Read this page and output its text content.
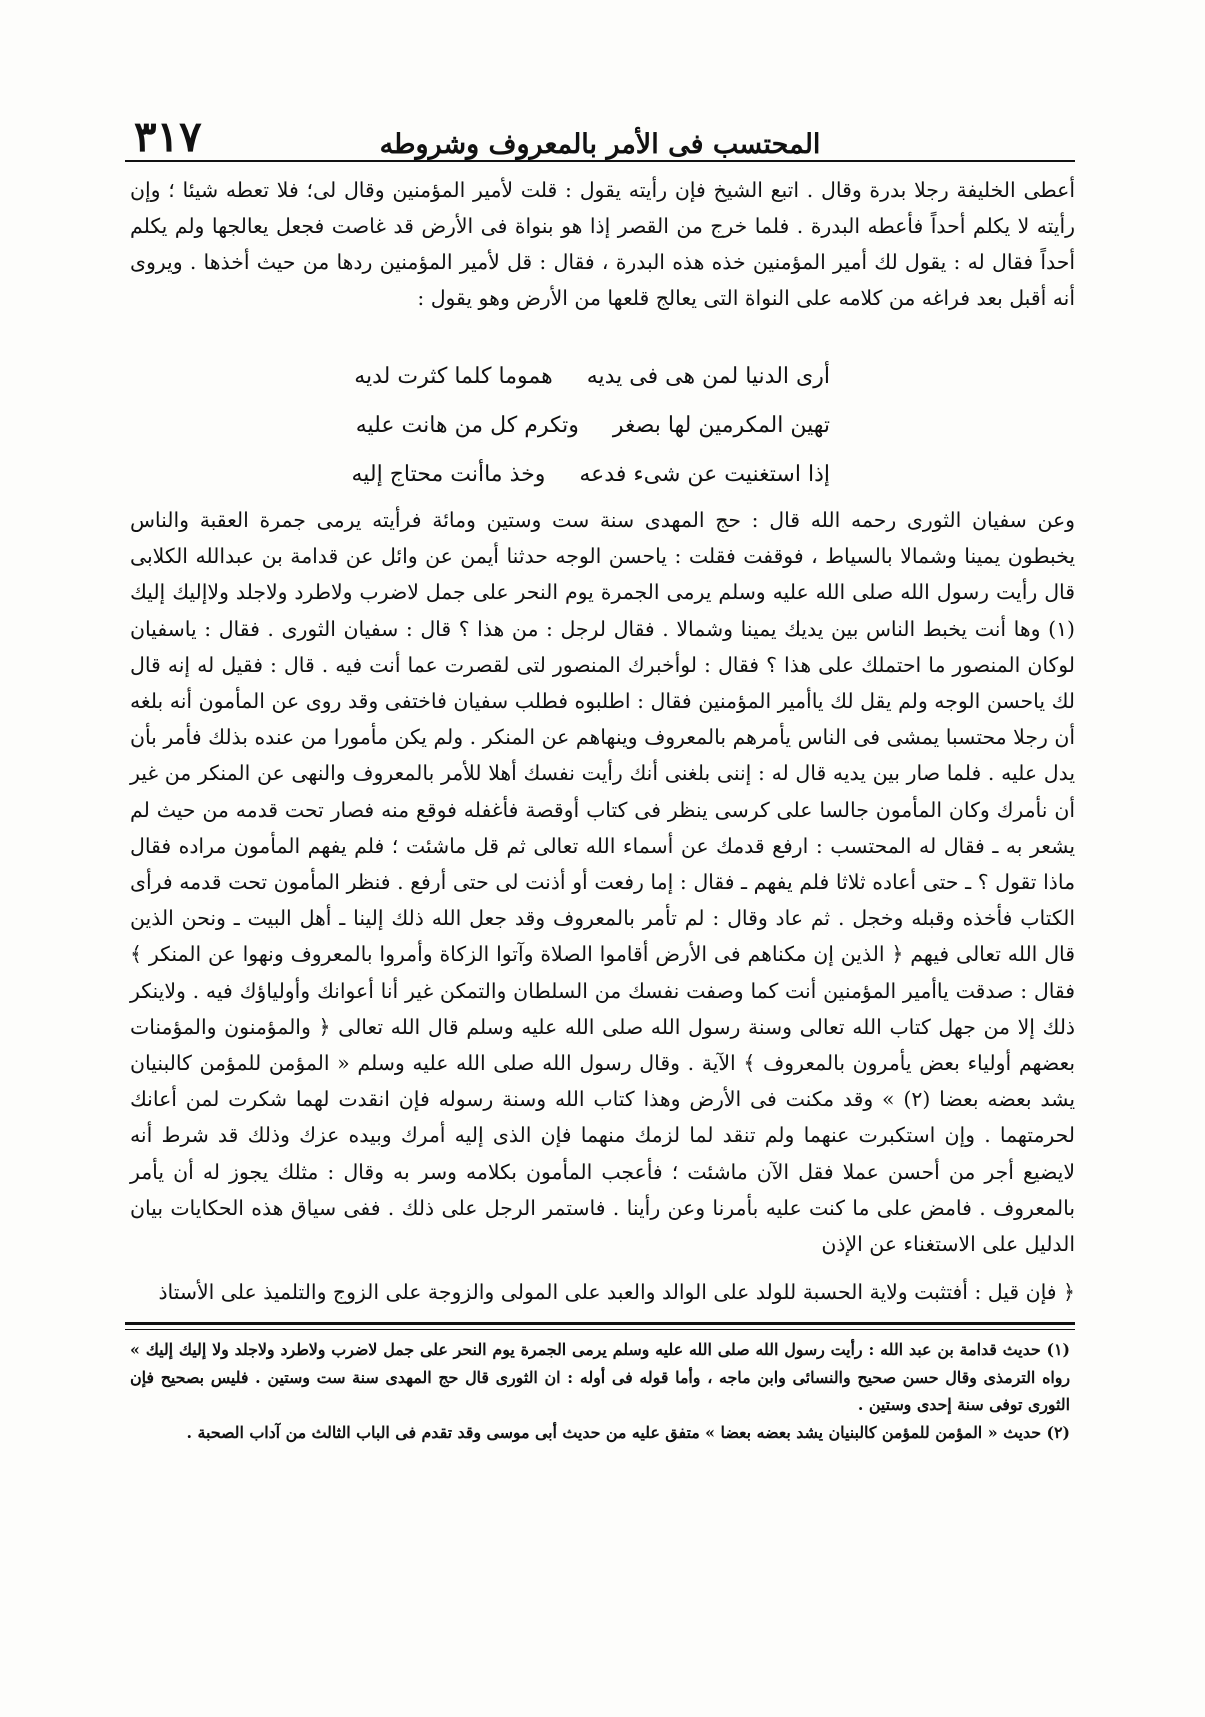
المحتسب فى الأمر بالمعروف وشروطه
٣١٧

أعطى الخليفة رجلا بدرة وقال . اتبع الشيخ فإن رأيته يقول : قلت لأمير المؤمنين وقال لى؛ فلا تعطه شيئا ؛ وإن رأيته لا يكلم أحداً فأعطه البدرة . فلما خرج من القصر إذا هو بنواة فى الأرض قد غاصت فجعل يعالجها ولم يكلم أحداً فقال له : يقول لك أمير المؤمنين خذه هذه البدرة ، فقال : قل لأمير المؤمنين ردها من حيث أخذها . ويروى أنه أقبل بعد فراغه من كلامه على النواة التى يعالج قلعها من الأرض وهو يقول :

أرى الدنيا لمن هى فى يديه
هموما كلما كثرت لديه
تهين المكرمين لها بصغر
وتكرم كل من هانت عليه
إذا استغنيت عن شىء فدعه
وخذ ماأنت محتاج إليه

وعن سفيان الثورى رحمه الله قال : حج المهدى سنة ست وستين ومائة فرأيته يرمى جمرة العقبة والناس يخبطون يمينا وشمالا بالسياط ، فوقفت فقلت : ياحسن الوجه حدثنا أيمن عن وائل عن قدامة بن عبدالله الكلابى قال رأيت رسول الله صلى الله عليه وسلم يرمى الجمرة يوم النحر على جمل لاضرب ولاطرد ولاجلد ولاإليك إليك (١) وها أنت يخبط الناس بين يديك يمينا وشمالا . فقال لرجل : من هذا ؟ قال : سفيان الثورى . فقال : ياسفيان لوكان المنصور ما احتملك على هذا ؟ فقال : لوأخبرك المنصور لتى لقصرت عما أنت فيه . قال : فقيل له إنه قال لك ياحسن الوجه ولم يقل لك ياأمير المؤمنين فقال : اطلبوه فطلب سفيان فاختفى وقد روى عن المأمون أنه بلغه أن رجلا محتسبا يمشى فى الناس يأمرهم بالمعروف وينهاهم عن المنكر . ولم يكن مأمورا من عنده بذلك فأمر بأن يدل عليه . فلما صار بين يديه قال له : إننى بلغنى أنك رأيت نفسك أهلا للأمر بالمعروف والنهى عن المنكر من غير أن نأمرك وكان المأمون جالسا على كرسى ينظر فى كتاب أوقصة فأغفله فوقع منه فصار تحت قدمه من حيث لم يشعر به ـ فقال له المحتسب : ارفع قدمك عن أسماء الله تعالى ثم قل ماشئت ؛ فلم يفهم المأمون مراده فقال ماذا تقول ؟ ـ حتى أعاده ثلاثا فلم يفهم ـ فقال : إما رفعت أو أذنت لى حتى أرفع . فنظر المأمون تحت قدمه فرأى الكتاب فأخذه وقبله وخجل . ثم عاد وقال : لم تأمر بالمعروف وقد جعل الله ذلك إلينا ـ أهل البيت ـ ونحن الذين قال الله تعالى فيهم ﴿ الذين إن مكناهم فى الأرض أقاموا الصلاة وآتوا الزكاة وأمروا بالمعروف ونهوا عن المنكر ﴾ فقال : صدقت ياأمير المؤمنين أنت كما وصفت نفسك من السلطان والتمكن غير أنا أعوانك وأولياؤك فيه . ولاينكر ذلك إلا من جهل كتاب الله تعالى وسنة رسول الله صلى الله عليه وسلم قال الله تعالى ﴿ والمؤمنون والمؤمنات بعضهم أولياء بعض يأمرون بالمعروف ﴾ الآية . وقال رسول الله صلى الله عليه وسلم « المؤمن للمؤمن كالبنيان يشد بعضه بعضا (٢) » وقد مكنت فى الأرض وهذا كتاب الله وسنة رسوله فإن انقدت لهما شكرت لمن أعانك لحرمتهما . وإن استكبرت عنهما ولم تنقد لما لزمك منهما فإن الذى إليه أمرك وبيده عزك وذلك قد شرط أنه لايضيع أجر من أحسن عملا فقل الآن ماشئت ؛ فأعجب المأمون بكلامه وسر به وقال : مثلك يجوز له أن يأمر بالمعروف . فامض على ما كنت عليه بأمرنا وعن رأينا . فاستمر الرجل على ذلك . ففى سياق هذه الحكايات بيان الدليل على الاستغناء عن الإذن

﴿ فإن قيل : أفتثبت ولاية الحسبة للولد على الوالد والعبد على المولى والزوجة على الزوج والتلميذ على الأستاذ

(١) حديث قدامة بن عبد الله : رأيت رسول الله صلى الله عليه وسلم يرمى الجمرة يوم النحر على جمل لاضرب ولاطرد ولاجلد ولا إليك إليك » رواه الترمذى وقال حسن صحيح والنسائى وابن ماجه ، وأما قوله فى أوله : ان الثورى قال حج المهدى سنة ست وستين . فليس بصحيح فإن الثورى توفى سنة إحدى وستين .

(٢) حديث « المؤمن للمؤمن كالبنيان يشد بعضه بعضا » متفق عليه من حديث أبى موسى وقد تقدم فى الباب الثالث من آداب الصحبة .
